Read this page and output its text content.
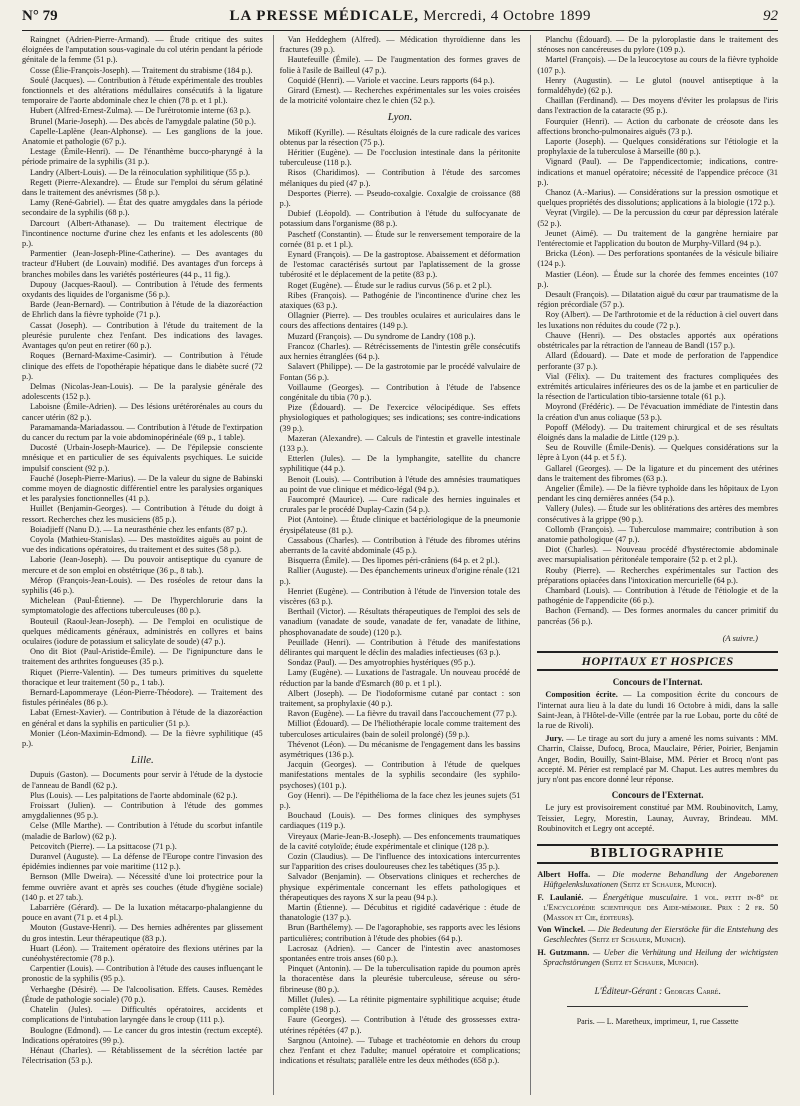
N° 79	LA PRESSE MÉDICALE, Mercredi, 4 Octobre 1899	92

Raingnet (Adrien-Pierre-Armand). — Étude critique des suites éloignées de l'amputation sous-vaginale du col utérin pendant la période génitale de la femme (51 p.).

Cosse (Élie-François-Joseph). — Traitement du strabisme (184 p.).

Soulé (Jacques). — Contribution à l'étude expérimentale des troubles fonctionnels et des altérations médullaires consécutifs à la ligature temporaire de l'aorte abdominale chez le chien (78 p. et 1 pl.).

Hubert (Alfred-Ernest-Zulma). — De l'urétrotomie interne (63 p.).

Brunel (Marie-Joseph). — Des abcès de l'amygdale palatine (50 p.).

Capelle-Laplène (Jean-Alphonse). — Les ganglions de la joue. Anatomie et pathologie (67 p.).

Lestage (Émile-Henri). — De l'énanthème bucco-pharyngé à la période primaire de la syphilis (31 p.).

Landry (Albert-Louis). — De la réinoculation syphilitique (55 p.).

Regett (Pierre-Alexandre). — Étude sur l'emploi du sérum gélatiné dans le traitement des anévrismes (58 p.).

Lamy (René-Gabriel). — État des quatre amygdales dans la période secondaire de la syphilis (68 p.).

Darcourt (Albert-Athanase). — Du traitement électrique de l'incontinence nocturne d'urine chez les enfants et les adolescents (80 p.).

Parmentier (Jean-Joseph-Pline-Catherine). — Des avantages du tracteur d'Hubert (de Louvain) modifié. Des avantages d'un forceps à branches mobiles dans les variétés postérieures (44 p., 11 fig.).

Dupouy (Jacques-Raoul). — Contribution à l'étude des ferments oxydants des liquides de l'organisme (56 p.).

Barde (Jean-Bernard). — Contribution à l'étude de la diazoréaction de Ehrlich dans la fièvre typhoïde (71 p.).

Cassat (Joseph). — Contribution à l'étude du traitement de la pleurésie purulente chez l'enfant. Des indications des lavages. Avantages qu'on peut en retirer (60 p.).

Roques (Bernard-Maxime-Casimir). — Contribution à l'étude clinique des effets de l'opothérapie hépatique dans le diabète sucré (72 p.).

Delmas (Nicolas-Jean-Louis). — De la paralysie générale des adolescents (152 p.).

Laboisne (Émile-Adrien). — Des lésions urétérorénales au cours du cancer utérin (82 p.).

Paramamanda-Mariadassou. — Contribution à l'étude de l'extirpation du cancer du rectum par la voie abdominopérinéale (69 p., 1 table).

Ducosté (Urbain-Joseph-Maurice). — De l'épilepsie consciente mnésique et en particulier de ses équivalents psychiques. Le suicide impulsif conscient (92 p.).

Fauché (Joseph-Pierre-Marius). — De la valeur du signe de Babinski comme moyen de diagnostic différentiel entre les paralysies organiques et les paralysies fonctionnelles (41 p.).

Huillet (Benjamin-Georges). — Contribution à l'étude du doigt à ressort. Recherches chez les musiciens (85 p.).

Boiadjieff (Nanu D.). — La neurasthénie chez les enfants (87 p.).

Coyola (Mathieu-Stanislas). — Des mastoïdites aiguës au point de vue des indications opératoires, du traitement et des suites (58 p.).

Laborie (Jean-Joseph). — Du pouvoir antiseptique du cyanure de mercure et de son emploi en obstétrique (36 p., 8 tab.).

Mérop (François-Jean-Louis). — Des roséoles de retour dans la syphilis (46 p.).

Michelean (Paul-Étienne). — De l'hyperchlorurie dans la symptomatologie des affections tuberculeuses (80 p.).

Bouteuil (Raoul-Jean-Joseph). — De l'emploi en oculistique de quelques médicaments généraux, administrés en collyres et bains oculaires (iodure de potassium et salicylate de soude) (47 p.).

Ono dit Biot (Paul-Aristide-Émile). — De l'ignipuncture dans le traitement des arthrites fongueuses (35 p.).

Riquet (Pierre-Valentin). — Des tumeurs primitives du squelette thoracique et leur traitement (50 p., 1 tab.).

Bernard-Lapommeraye (Léon-Pierre-Théodore). — Traitement des fistules périnéales (86 p.).

Labat (Ernest-Xavier). — Contribution à l'étude de la diazoréaction en général et dans la syphilis en particulier (51 p.).

Monier (Léon-Maximin-Edmond). — De la fièvre syphilitique (45 p.).

Lille.

Dupuis (Gaston). — Documents pour servir à l'étude de la dystocie de l'anneau de Bandl (62 p.).

Plus (Louis). — Les palpitations de l'aorte abdominale (62 p.).

Froissart (Julien). — Contribution à l'étude des gommes amygdaliennes (95 p.).

Celse (Mlle Marthe). — Contribution à l'étude du scorbut infantile (maladie de Barlow) (62 p.).

Petcovitch (Pierre). — La psittacose (71 p.).

Duranvel (Auguste). — La défense de l'Europe contre l'invasion des épidémies indiennes par voie maritime (112 p.).

Bernson (Mlle Dweira). — Nécessité d'une loi protectrice pour la femme ouvrière avant et après ses couches (étude d'hygiène sociale) (140 p. et 27 tab.).

Labarrière (Gérard). — De la luxation métacarpo-phalangienne du pouce en avant (71 p. et 4 pl.).

Mouton (Gustave-Henri). — Des hernies adhérentes par glissement du gros intestin. Leur thérapeutique (83 p.).

Huart (Léon). — Traitement opératoire des flexions utérines par la cunéohystérectomie (78 p.).

Carpentier (Louis). — Contribution à l'étude des causes influençant le pronostic de la syphilis (95 p.).

Verhaeghe (Désiré). — De l'alcoolisation. Effets. Causes. Remèdes (Étude de pathologie sociale) (70 p.).

Chatelin (Jules). — Difficultés opératoires, accidents et complications de l'intubation laryngée dans le croup (111 p.).

Boulogne (Edmond). — Le cancer du gros intestin (rectum excepté). Indications opératoires (99 p.).

Hénaut (Charles). — Rétablissement de la sécrétion lactée par l'électrisation (53 p.).

Van Heddeghem (Alfred). — Médication thyroïdienne dans les fractures (39 p.).

Hautefeuille (Émile). — De l'augmentation des formes graves de folie à l'asile de Bailleul (47 p.).

Coquidé (Henri). — Variole et vaccine. Leurs rapports (64 p.).

Girard (Ernest). — Recherches expérimentales sur les voies croisées de la motricité volontaire chez le chien (52 p.).

Lyon.

Mikoff (Kyrille). — Résultats éloignés de la cure radicale des varices obtenus par la résection (75 p.).

Héritier (Eugène). — De l'occlusion intestinale dans la péritonite tuberculeuse (118 p.).

Risos (Charidimos). — Contribution à l'étude des sarcomes mélaniques du pied (47 p.).

Desportes (Pierre). — Pseudo-coxalgie. Coxalgie de croissance (88 p.).

Dubief (Léopold). — Contribution à l'étude du sulfocyanate de potassium dans l'organisme (88 p.).

Paschetf (Constantin). — Étude sur le renversement temporaire de la cornée (81 p. et 1 pl.).

Eynard (François). — De la gastroptose. Abaissement et déformation de l'estomac caractérisés surtout par l'aplatissement de la grosse tubérosité et le déplacement de la petite (83 p.).

Roget (Eugène). — Étude sur le radius curvus (56 p. et 2 pl.).

Ribes (François). — Pathogénie de l'incontinence d'urine chez les ataxiques (63 p.).

Ollagnier (Pierre). — Des troubles oculaires et auriculaires dans le cours des affections dentaires (149 p.).

Muzard (François). — Du syndrome de Landry (108 p.).

Francoz (Charles). — Rétrécissements de l'intestin grêle consécutifs aux hernies étranglées (64 p.).

Salavert (Philippe). — De la gastrotomie par le procédé valvulaire de Fontan (56 p.).

Voillaume (Georges). — Contribution à l'étude de l'absence congénitale du tibia (70 p.).

Pize (Édouard). — De l'exercice vélocipédique. Ses effets physiologiques et pathologiques; ses indications; ses contre-indications (39 p.).

Mazeran (Alexandre). — Calculs de l'intestin et gravelle intestinale (133 p.).

Etterlen (Jules). — De la lymphangite, satellite du chancre syphilitique (44 p.).

Benoit (Louis). — Contribution à l'étude des amnésies traumatiques au point de vue clinique et médico-légal (94 p.).

Faucompré (Maurice). — Cure radicale des hernies inguinales et crurales par le procédé Duplay-Cazin (54 p.).

Piot (Antoine). — Étude clinique et bactériologique de la pneumonie érysipélateuse (81 p.).

Cassabous (Charles). — Contribution à l'étude des fibromes utérins aberrants de la cavité abdominale (45 p.).

Bisquerra (Émile). — Des lipomes péri-crâniens (64 p. et 2 pl.).

Rallier (Auguste). — Des épanchements urineux d'origine rénale (121 p.).

Henriet (Eugène). — Contribution à l'étude de l'inversion totale des viscères (63 p.).

Berthail (Victor). — Résultats thérapeutiques de l'emploi des sels de vanadium (vanadate de soude, vanadate de fer, vanadate de lithine, phosphovanadate de soude) (120 p.).

Peuillade (Henri). — Contribution à l'étude des manifestations délirantes qui marquent le déclin des maladies infectieuses (63 p.).

Sondaz (Paul). — Des amyotrophies hystériques (95 p.).

Lamy (Eugène). — Luxations de l'astragale. Un nouveau procédé de réduction par la bande d'Esmarch (80 p. et 1 pl.).

Albert (Joseph). — De l'iodoformisme cutané par contact : son traitement, sa prophylaxie (40 p.).

Ravon (Eugène). — La fièvre du travail dans l'accouchement (77 p.).

Milliot (Édouard). — De l'héliothérapie locale comme traitement des tuberculoses articulaires (bain de soleil prolongé) (59 p.).

Thévenot (Léon). — Du mécanisme de l'engagement dans les bassins asymétriques (136 p.).

Jacquin (Georges). — Contribution à l'étude de quelques manifestations mentales de la syphilis secondaire (les syphilo-psychoses) (101 p.).

Goy (Henri). — De l'épithélioma de la face chez les jeunes sujets (51 p.).

Bouchaud (Louis). — Des formes cliniques des symphyses cardiaques (119 p.).

Vireyaux (Marie-Jean-B.-Joseph). — Des enfoncements traumatiques de la cavité cotyloïde; étude expérimentale et clinique (128 p.).

Cozin (Claudius). — De l'influence des intoxications intercurrentes sur l'apparition des crises douloureuses chez les tabétiques (35 p.).

Salvador (Benjamin). — Observations cliniques et recherches de physique expérimentale concernant les effets pathologiques et thérapeutiques des rayons X sur la peau (94 p.).

Martin (Étienne). — Décubitus et rigidité cadavérique : étude de thanatologie (137 p.).

Brun (Barthélemy). — De l'agoraphobie, ses rapports avec les lésions particulières; contribution à l'étude des phobies (64 p.).

Lacrosaz (Adrien). — Cancer de l'intestin avec anastomoses spontanées entre trois anses (60 p.).

Pinquet (Antonin). — De la tuberculisation rapide du poumon après la thoracentèse dans la pleurésie tuberculeuse, séreuse ou séro-fibrineuse (80 p.).

Millet (Jules). — La rétinite pigmentaire syphilitique acquise; étude complète (198 p.).

Faure (Georges). — Contribution à l'étude des grossesses extra-utérines répétées (47 p.).

Sargnou (Antoine). — Tubage et trachéotomie en dehors du croup chez l'enfant et chez l'adulte; manuel opératoire et complications; indications et résultats; parallèle entre les deux méthodes (658 p.).

Planchu (Édouard). — De la pyloroplastie dans le traitement des sténoses non cancéreuses du pylore (109 p.).

Martel (François). — De la leucocytose au cours de la fièvre typhoïde (107 p.).

Henry (Augustin). — Le glutol (nouvel antiseptique à la formaldéhyde) (62 p.).

Chaillan (Ferdinand). — Des moyens d'éviter les prolapsus de l'iris dans l'extraction de la cataracte (95 p.).

Fourquier (Henri). — Action du carbonate de créosote dans les affections broncho-pulmonaires aiguës (73 p.).

Laporte (Joseph). — Quelques considérations sur l'étiologie et la prophylaxie de la tuberculose à Marseille (80 p.).

Vignard (Paul). — De l'appendicectomie; indications, contre-indications et manuel opératoire; nécessité de l'appendice précoce (31 p.).

Chanoz (A.-Marius). — Considérations sur la pression osmotique et quelques propriétés des dissolutions; applications à la biologie (172 p.).

Veyrat (Virgile). — De la percussion du cœur par dépression latérale (52 p.).

Jeunet (Aimé). — Du traitement de la gangrène herniaire par l'entérectomie et l'application du bouton de Murphy-Villard (94 p.).

Bricka (Léon). — Des perforations spontanées de la vésicule biliaire (124 p.).

Mastier (Léon). — Étude sur la chorée des femmes enceintes (107 p.).

Desault (François). — Dilatation aiguë du cœur par traumatisme de la région précordiale (57 p.).

Roy (Albert). — De l'arthrotomie et de la réduction à ciel ouvert dans les luxations non réduites du coude (72 p.).

Chauve (Henri). — Des obstacles apportés aux opérations obstétricales par la rétraction de l'anneau de Bandl (157 p.).

Allard (Édouard). — Date et mode de perforation de l'appendice perforante (37 p.).

Vial (Félix). — Du traitement des fractures compliquées des extrémités articulaires inférieures des os de la jambe et en particulier de la résection de l'articulation tibio-tarsienne totale (61 p.).

Moyrond (Frédéric). — De l'évacuation immédiate de l'intestin dans la création d'un anus coliaque (53 p.).

Popoff (Mélody). — Du traitement chirurgical et de ses résultats éloignés dans la maladie de Little (129 p.).

Seu de Rouville (Émile-Denis). — Quelques considérations sur la lèpre à Lyon (44 p. et 5 f.).

Gallarel (Georges). — De la ligature et du pincement des utérines dans le traitement des fibromes (63 p.).

Angelier (Émile). — De la fièvre typhoïde dans les hôpitaux de Lyon pendant les cinq dernières années (54 p.).

Vallery (Jules). — Étude sur les oblitérations des artères des membres consécutives à la grippe (90 p.).

Collomb (François). — Tuberculose mammaire; contribution à son anatomie pathologique (47 p.).

Diot (Charles). — Nouveau procédé d'hystérectomie abdominale avec marsupialisation péritonéale temporaire (52 p. et 2 pl.).

Rouby (Pierre). — Recherches expérimentales sur l'action des préparations opiacées dans l'intoxication mercurielle (64 p.).

Chambard (Louis). — Contribution à l'étude de l'étiologie et de la pathogénie de l'appendicite (66 p.).

Bachon (Fernand). — Des formes anormales du cancer primitif du pancréas (56 p.).

(A suivre.)
HOPITAUX ET HOSPICES
Concours de l'Internat.

Composition écrite. — La composition écrite du concours de l'internat aura lieu à la date du lundi 16 Octobre à midi, dans la salle Saint-Jean, à l'Hôtel-de-Ville (entrée par la rue Lobau, porte du côté de la rue de Rivoli).

Jury. — Le tirage au sort du jury a amené les noms suivants : MM. Charrin, Claisse, Dufocq, Broca, Mauclaire, Périer, Poirier, Benjamin Anger, Bodin, Bouilly, Saint-Blaise, MM. Périer et Brocq n'ont pas accepté. M. Périer est remplacé par M. Chaput. Les autres membres du jury n'ont pas encore donné leur réponse.

Concours de l'Externat.

Le jury est provisoirement constitué par MM. Roubinovitch, Lamy, Teissier, Legry, Morestin, Launay, Auvray, Brindeau. MM. Roubinovitch et Legry ont accepté.

BIBLIOGRAPHIE

Albert Hoffa. — Die moderne Behandlung der Angeborenen Hüftgelenksluxationen (Seitz et Schauer, Munich).

F. Laulanié. — Énergétique musculaire. 1 vol. petit in-8° de l'Encyclopédie scientifique des Aide-mémoire. Prix : 2 fr. 50 (Masson et Cie, éditeurs).

Von Winckel. — Die Bedeutung der Eierstöcke für die Entstehung des Geschlechtes (Seitz et Schauer, Munich).

H. Gutzmann. — Ueber die Verhütung und Heilung der wichtigsten Sprachstörungen (Seitz et Schauer, Munich).

L'Éditeur-Gérant : Georges Carré.
Paris. — L. Maretheux, imprimeur, 1, rue Cassette
